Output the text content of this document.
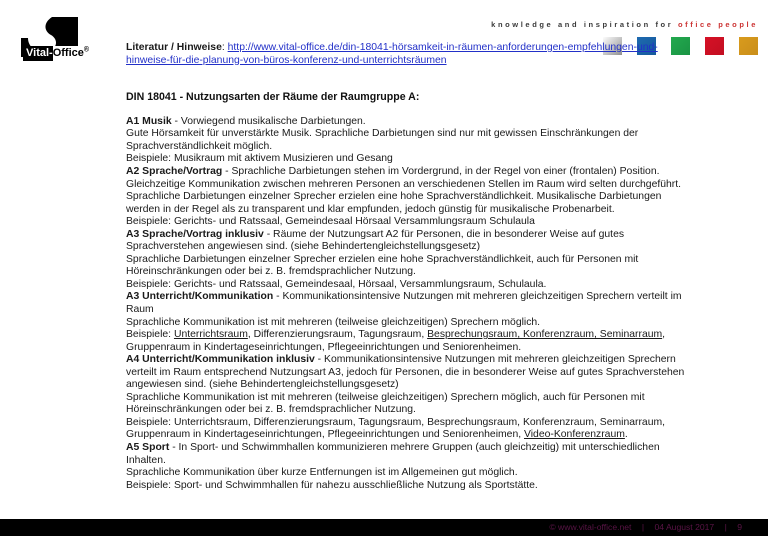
Vital-Office®
knowledge and inspiration for office people

Literatur / Hinweise: http://www.vital-office.de/din-18041-hörsamkeit-in-räumen-anforderungen-empfehlungen-und-hinweise-für-die-planung-von-büros-konferenz-und-unterrichtsräumen

DIN 18041 - Nutzungsarten der Räume der Raumgruppe A:

A1 Musik - Vorwiegend musikalische Darbietungen.

Gute Hörsamkeit für unverstärkte Musik. Sprachliche Darbietungen sind nur mit gewissen Einschränkungen der Sprachverständlichkeit möglich.

Beispiele: Musikraum mit aktivem Musizieren und Gesang

A2 Sprache/Vortrag - Sprachliche Darbietungen stehen im Vordergrund, in der Regel von einer (frontalen) Position. Gleichzeitige Kommunikation zwischen mehreren Personen an verschiedenen Stellen im Raum wird selten durchgeführt.

Sprachliche Darbietungen einzelner Sprecher erzielen eine hohe Sprachverständlichkeit. Musikalische Darbietungen werden in der Regel als zu transparent und klar empfunden, jedoch günstig für musikalische Probenarbeit.

Beispiele: Gerichts- und Ratssaal, Gemeindesaal Hörsaal Versammlungsraum Schulaula

A3 Sprache/Vortrag inklusiv - Räume der Nutzungsart A2 für Personen, die in besonderer Weise auf gutes Sprachverstehen angewiesen sind. (siehe Behindertengleichstellungsgesetz)

Sprachliche Darbietungen einzelner Sprecher erzielen eine hohe Sprachverständlichkeit, auch für Personen mit Höreinschränkungen oder bei z. B. fremdsprachlicher Nutzung.

Beispiele: Gerichts- und Ratssaal, Gemeindesaal, Hörsaal, Versammlungsraum, Schulaula.

A3 Unterricht/Kommunikation - Kommunikationsintensive Nutzungen mit mehreren gleichzeitigen Sprechern verteilt im Raum

Sprachliche Kommunikation ist mit mehreren (teilweise gleichzeitigen) Sprechern möglich.

Beispiele: Unterrichtsraum, Differenzierungsraum, Tagungsraum, Besprechungsraum, Konferenzraum, Seminarraum, Gruppenraum in Kindertageseinrichtungen, Pflegeeinrichtungen und Seniorenheimen.

A4 Unterricht/Kommunikation inklusiv - Kommunikationsintensive Nutzungen mit mehreren gleichzeitigen Sprechern verteilt im Raum entsprechend Nutzungsart A3, jedoch für Personen, die in besonderer Weise auf gutes Sprachverstehen angewiesen sind. (siehe Behindertengleichstellungsgesetz)

Sprachliche Kommunikation ist mit mehreren (teilweise gleichzeitigen) Sprechern möglich, auch für Personen mit Höreinschränkungen oder bei z. B. fremdsprachlicher Nutzung.

Beispiele: Unterrichtsraum, Differenzierungsraum, Tagungsraum, Besprechungsraum, Konferenzraum, Seminarraum, Gruppenraum in Kindertageseinrichtungen, Pflegeeinrichtungen und Seniorenheimen, Video-Konferenzraum.

A5 Sport - In Sport- und Schwimmhallen kommunizieren mehrere Gruppen (auch gleichzeitig) mit unterschiedlichen Inhalten.

Sprachliche Kommunikation über kurze Entfernungen ist im Allgemeinen gut möglich.

Beispiele: Sport- und Schwimmhallen für nahezu ausschließliche Nutzung als Sportstätte.

© www.vital-office.net | 04 August 2017 | 9
